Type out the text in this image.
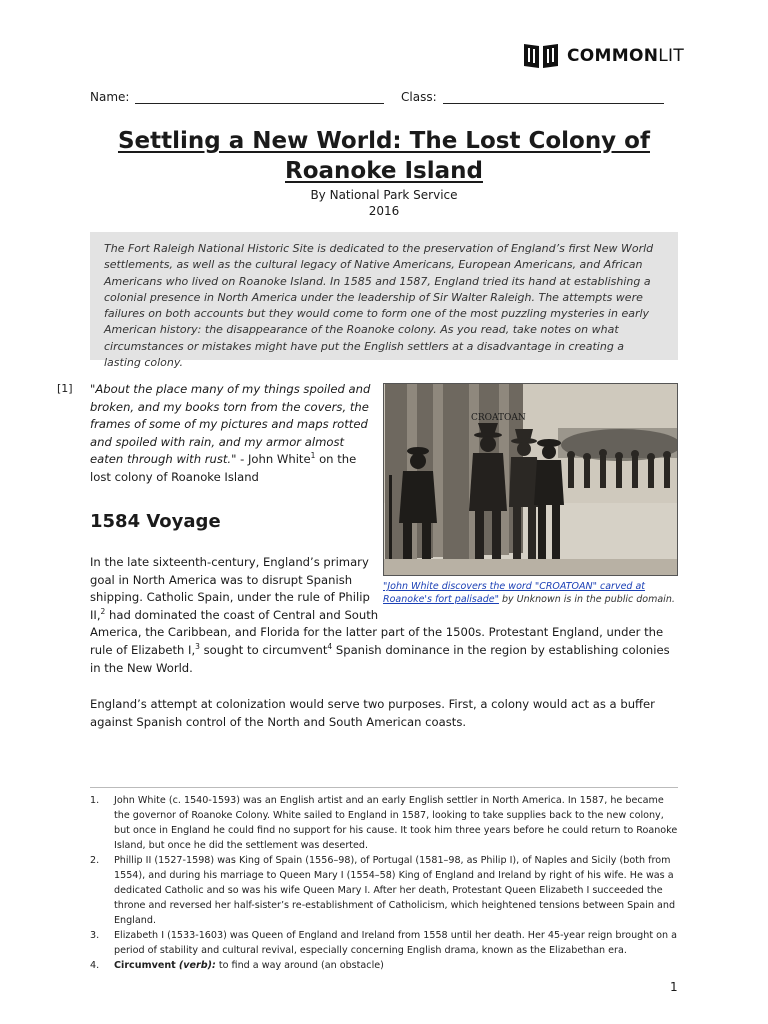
COMMONLIT
Name:	Class:
Settling a New World: The Lost Colony of
Roanoke Island
By National Park Service
2016
The Fort Raleigh National Historic Site is dedicated to the preservation of England’s first New World settlements, as well as the cultural legacy of Native Americans, European Americans, and African Americans who lived on Roanoke Island. In 1585 and 1587, England tried its hand at establishing a colonial presence in North America under the leadership of Sir Walter Raleigh. The attempts were failures on both accounts but they would come to form one of the most puzzling mysteries in early American history: the disappearance of the Roanoke colony. As you read, take notes on what circumstances or mistakes might have put the English settlers at a disadvantage in creating a lasting colony.
[1]
CROATOAN
"John White discovers the word "CROATOAN" carved at Roanoke's fort palisade" by Unknown is in the public domain.
"About the place many of my things spoiled and broken, and my books torn from the covers, the frames of some of my pictures and maps rotted and spoiled with rain, and my armor almost eaten through with rust." - John White$^1$ on the lost colony of Roanoke Island
1584 Voyage
In the late sixteenth-century, England’s primary
goal in North America was to disrupt Spanish
shipping. Catholic Spain, under the rule of Philip
II,$^2$ had dominated the coast of Central and South
America, the Caribbean, and Florida for the latter part of the 1500s. Protestant England, under the rule of Elizabeth I,$^3$ sought to circumvent$^4$ Spanish dominance in the region by establishing colonies in the New World.
England’s attempt at colonization would serve two purposes. First, a colony would act as a buffer against Spanish control of the North and South American coasts.
1.	John White (c. 1540-1593) was an English artist and an early English settler in North America. In 1587, he became the governor of Roanoke Colony. White sailed to England in 1587, looking to take supplies back to the new colony, but once in England he could find no support for his cause. It took him three years before he could return to Roanoke Island, but once he did the settlement was deserted.
2.	Phillip II (1527-1598) was King of Spain (1556–98), of Portugal (1581–98, as Philip I), of Naples and Sicily (both from 1554), and during his marriage to Queen Mary I (1554–58) King of England and Ireland by right of his wife. He was a dedicated Catholic and so was his wife Queen Mary I. After her death, Protestant Queen Elizabeth I succeeded the throne and reversed her half-sister’s re-establishment of Catholicism, which heightened tensions between Spain and England.
3.	Elizabeth I (1533-1603) was Queen of England and Ireland from 1558 until her death. Her 45-year reign brought on a period of stability and cultural revival, especially concerning English drama, known as the Elizabethan era.
4.	Circumvent (verb): to find a way around (an obstacle)
1
